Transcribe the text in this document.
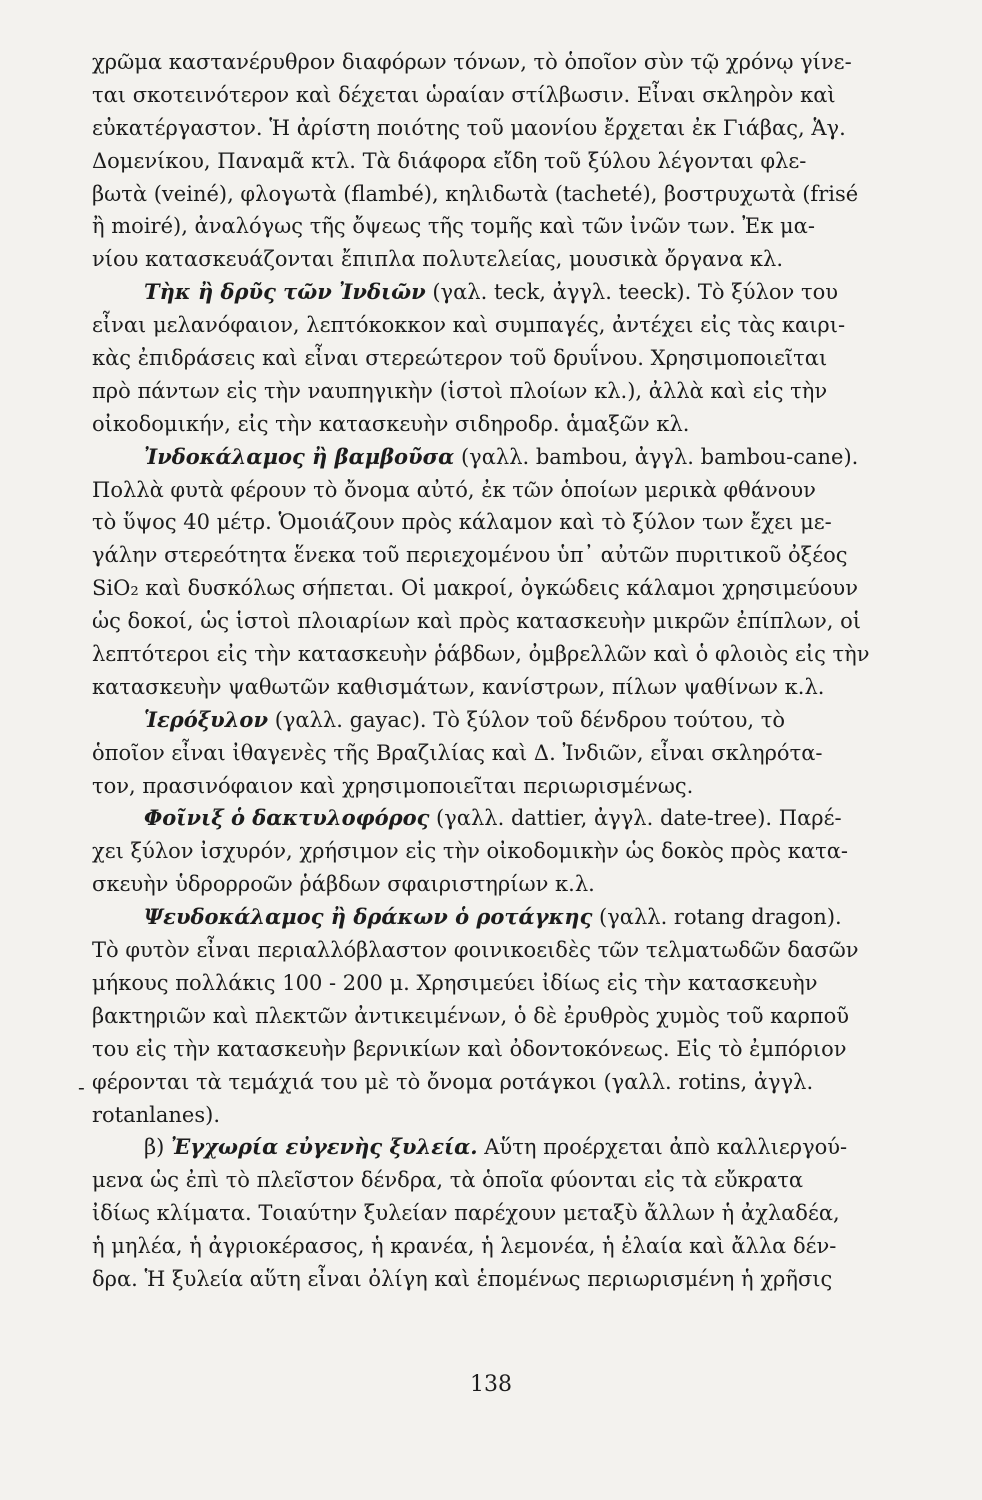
χρῶμα καστανέρυθρον διαφόρων τόνων, τὸ ὁποῖον σὺν τῷ χρόνῳ γίνε-
ται σκοτεινότερον καὶ δέχεται ὡραίαν στίλβωσιν. Εἶναι σκληρὸν καὶ
εὐκατέργαστον. Ἡ ἀρίστη ποιότης τοῦ μαονίου ἔρχεται ἐκ Γιάβας, Ἁγ.
Δομενίκου, Παναμᾶ κτλ. Τὰ διάφορα εἴδη τοῦ ξύλου λέγονται φλε-
βωτὰ (veiné), φλογωτὰ (flambé), κηλιδωτὰ (tacheté), βοστρυχωτὰ (frisé
ἢ moiré), ἀναλόγως τῆς ὄψεως τῆς τομῆς καὶ τῶν ἰνῶν των. Ἐκ μα-
νίου κατασκευάζονται ἔπιπλα πολυτελείας, μουσικὰ ὄργανα κλ.
Τὴκ ἢ δρῦς τῶν Ἰνδιῶν (γαλ. teck, ἀγγλ. teeck). Τὸ ξύλον του
εἶναι μελανόφαιον, λεπτόκοκκον καὶ συμπαγές, ἀντέχει εἰς τὰς καιρι-
κὰς ἐπιδράσεις καὶ εἶναι στερεώτερον τοῦ δρυΐνου. Χρησιμοποιεῖται
πρὸ πάντων εἰς τὴν ναυπηγικὴν (ἱστοὶ πλοίων κλ.), ἀλλὰ καὶ εἰς τὴν
οἰκοδομικήν, εἰς τὴν κατασκευὴν σιδηροδρ. ἁμαξῶν κλ.
Ἰνδοκάλαμος ἢ βαμβοῦσα (γαλλ. bambou, ἀγγλ. bambou-cane).
Πολλὰ φυτὰ φέρουν τὸ ὄνομα αὐτό, ἐκ τῶν ὁποίων μερικὰ φθάνουν
τὸ ὕψος 40 μέτρ. Ὁμοιάζουν πρὸς κάλαμον καὶ τὸ ξύλον των ἔχει με-
γάλην στερεότητα ἕνεκα τοῦ περιεχομένου ὑπ᾽ αὐτῶν πυριτικοῦ ὀξέος
SiO₂ καὶ δυσκόλως σήπεται. Οἱ μακροί, ὀγκώδεις κάλαμοι χρησιμεύουν
ὡς δοκοί, ὡς ἱστοὶ πλοιαρίων καὶ πρὸς κατασκευὴν μικρῶν ἐπίπλων, οἱ
λεπτότεροι εἰς τὴν κατασκευὴν ῥάβδων, ὀμβρελλῶν καὶ ὁ φλοιὸς εἰς τὴν
κατασκευὴν ψαθωτῶν καθισμάτων, κανίστρων, πίλων ψαθίνων κ.λ.
Ἱερόξυλον (γαλλ. gayac). Τὸ ξύλον τοῦ δένδρου τούτου, τὸ
ὁποῖον εἶναι ἰθαγενὲς τῆς Βραζιλίας καὶ Δ. Ἰνδιῶν, εἶναι σκληρότα-
τον, πρασινόφαιον καὶ χρησιμοποιεῖται περιωρισμένως.
Φοῖνιξ ὁ δακτυλοφόρος (γαλλ. dattier, ἀγγλ. date-tree). Παρέ-
χει ξύλον ἰσχυρόν, χρήσιμον εἰς τὴν οἰκοδομικὴν ὡς δοκὸς πρὸς κατα-
σκευὴν ὑδρορροῶν ῥάβδων σφαιριστηρίων κ.λ.
Ψευδοκάλαμος ἢ δράκων ὁ ροτάγκης (γαλλ. rotang dragon).
Τὸ φυτὸν εἶναι περιαλλόβλαστον φοινικοειδὲς τῶν τελματωδῶν δασῶν
μήκους πολλάκις 100 - 200 μ. Χρησιμεύει ἰδίως εἰς τὴν κατασκευὴν
βακτηριῶν καὶ πλεκτῶν ἀντικειμένων, ὁ δὲ ἐρυθρὸς χυμὸς τοῦ καρποῦ
του εἰς τὴν κατασκευὴν βερνικίων καὶ ὀδοντοκόνεως. Εἰς τὸ ἐμπόριον
φέρονται τὰ τεμάχιά του μὲ τὸ ὄνομα ροτάγκοι (γαλλ. rotins, ἀγγλ.
rotanlanes).
β) Ἐγχωρία εὐγενὴς ξυλεία. Αὕτη προέρχεται ἀπὸ καλλιεργού-
μενα ὡς ἐπὶ τὸ πλεῖστον δένδρα, τὰ ὁποῖα φύονται εἰς τὰ εὔκρατα
ἰδίως κλίματα. Τοιαύτην ξυλείαν παρέχουν μεταξὺ ἄλλων ἡ ἀχλαδέα,
ἡ μηλέα, ἡ ἀγριοκέρασος, ἡ κρανέα, ἡ λεμονέα, ἡ ἐλαία καὶ ἄλλα δέν-
δρα. Ἡ ξυλεία αὕτη εἶναι ὀλίγη καὶ ἑπομένως περιωρισμένη ἡ χρῆσις
-
138
